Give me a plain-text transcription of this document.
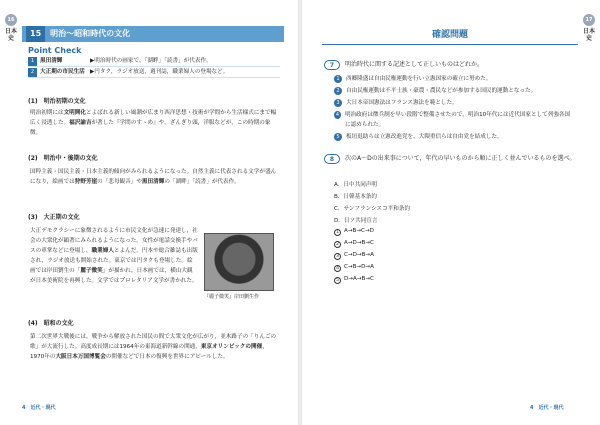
16
日本史
15	明治～昭和時代の文化
Point Check
1	黒田清輝	▶明治時代の画家で、「湖畔」「読書」が代表作。
2	大正期の市民生活 ▶円タク，ラジオ放送，週刊誌，職業婦人の登場など。
(1)　明治初期の文化
明治初期には文明開化とよばれる新しい風潮が広まり西洋思想・技術が学問から生活様式にまで幅広く浸透した。福沢諭吉が著した『学問のすゝめ』や，ざんぎり頭，洋服などが，この時期の象徴。
(2)　明治中・後期の文化
国粋主義・国民主義・日本主義的傾向がみられるようになった。自然主義に代表される文学が盛んになり，絵画では狩野芳崖の「悲母観音」や黒田清輝の「湖畔」「読書」が代表作。
(3)　大正期の文化
大正デモクラシーに象徴されるように市民文化が急速に発達し，社会の大衆化が顕著にみられるようになった。女性が電話交換手やバスの車掌などに登場し，職業婦人とよんだ。円本や総合雑誌も出版され，ラジオ放送も開始された。東京では円タクも登場した。絵画では岸田劉生の「麗子微笑」が描かれ，日本画では，横山大観が日本美術院を再興した。文学ではプロレタリア文学が書かれた。
『麗子微笑』岸田劉生作
(4)　昭和の文化
第二次世界大戦後には，戦争から解放された国民の間で大衆文化が広がり，並木路子の「りんごの歌」が大流行した。高度成長期には1964年の東海道新幹線の開通，東京オリンピックの開催，1970年の大阪日本万国博覧会の開催などで日本の復興を世界にアピールした。
4　近代・現代
17
日本史
確認問題
7 明治時代に関する記述として正しいものはどれか。
1	西郷隆盛は自由民権運動を行い立憲国家の確立に努めた。
2	自由民権運動は不平士族・豪農・農民などが参加する国民的運動となった。
3	大日本帝国憲法はフランス憲法を範とした。
4	明治政府は徴兵制を早い段階で整備させたので，明治10年代には近代国家として列強各国に認められた。
5	板垣退助らは立憲改進党を，大隈重信らは自由党を結成した。
8 次のA～Dの出来事について，年代の早いものから順に正しく並んでいるものを選べ。
A．日中共同声明
B．日韓基本条約
C．サンフランシスコ平和条約
D．日ソ共同宣言
1 A→B→C→D
2 A→D→B→C
3 C→D→B→A
4 C→B→D→A
5 D→A→B→C
4　近代・現代
